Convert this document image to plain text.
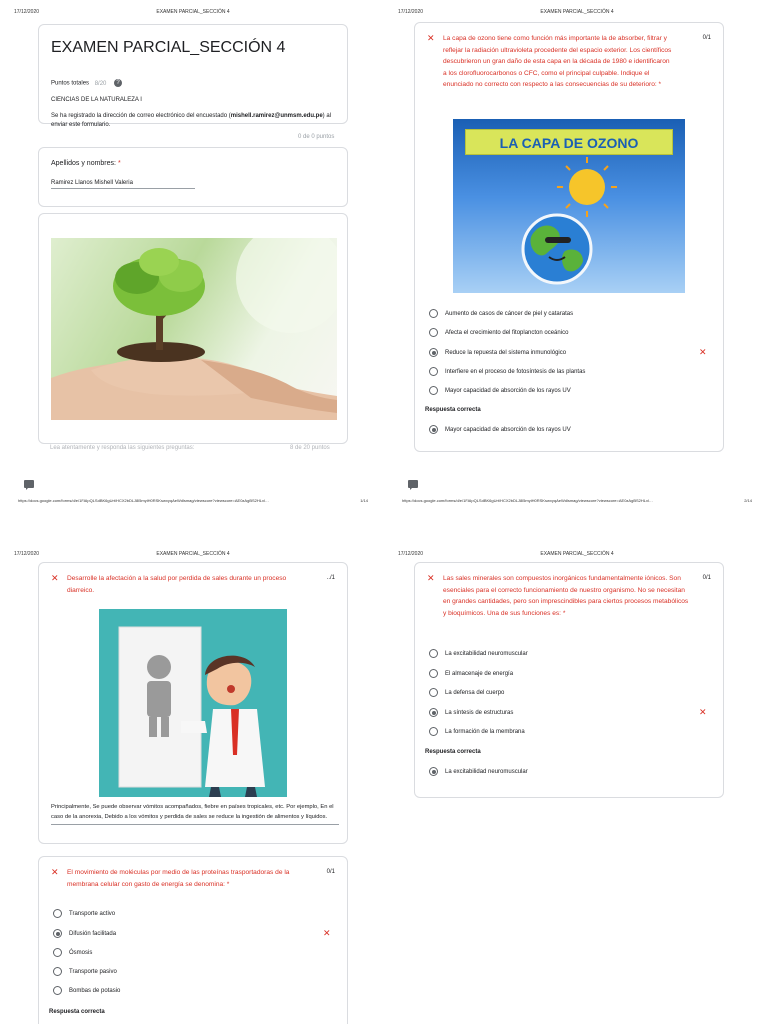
17/12/2020	EXAMEN PARCIAL_SECCIÓN 4
EXAMEN PARCIAL_SECCIÓN 4
Puntos totales 8/20 ?
CIENCIAS DE LA NATURALEZA I
Se ha registrado la dirección de correo electrónico del encuestado (mishell.ramirez@unmsm.edu.pe) al enviar este formulario.
0 de 0 puntos
Apellidos y nombres: *
Ramirez Llanos Mishell Valeria
Lea atentamente y responda las siguientes preguntas:	8 de 20 puntos
https://docs.google.com/forms/d/e/1FAIpQLSdBK6gUrt/HCX2bDLJ8l5myiH0RSKswxyqAeWdlsmag/viewscore?viewscore=AE0zAgBS2HLxl…	1/14
17/12/2020	EXAMEN PARCIAL_SECCIÓN 4
✕ La capa de ozono tiene como función más importante la de absorber, filtrar y reflejar la radiación ultravioleta procedente del espacio exterior. Los científicos descubrieron un gran daño de esta capa en la década de 1980 e identificaron a los clorofluorocarbonos o CFC, como el principal culpable. Indique el enunciado no correcto con respecto a las consecuencias de su deterioro: *
0/1
LA CAPA DE OZONO
Aumento de casos de cáncer de piel y cataratas
Afecta el crecimiento del fitoplancton oceánico
Reduce la repuesta del sistema inmunológico	✕
Interfiere en el proceso de fotosíntesis de las plantas
Mayor capacidad de absorción de los rayos UV
Respuesta correcta
Mayor capacidad de absorción de los rayos UV
https://docs.google.com/forms/d/e/1FAIpQLSdBK6gUrt/HCX2bDLJ8l5myiH0RSKswxyqAeWdlsmag/viewscore?viewscore=AE0zAgBS2HLxl…	2/14
17/12/2020	EXAMEN PARCIAL_SECCIÓN 4
✕ Desarrolle la afectación a la salud por perdida de sales durante un proceso diarreico.
../1
Principalmente, Se puede observar vómitos acompañados, fiebre en países tropicales, etc. Por ejemplo, En el caso de la anorexia, Debido a los vómitos y perdida de sales se reduce la ingestión de alimentos y líquidos.
✕ El movimiento de moléculas por medio de las proteínas trasportadoras de la membrana celular con gasto de energía se denomina: *
0/1
Transporte activo
Difusión facilitada	✕
Ósmosis
Transporte pasivo
Bombas de potasio
Respuesta correcta
17/12/2020	EXAMEN PARCIAL_SECCIÓN 4
✕ Las sales minerales son compuestos inorgánicos fundamentalmente iónicos. Son esenciales para el correcto funcionamiento de nuestro organismo. No se necesitan en grandes cantidades, pero son imprescindibles para ciertos procesos metabólicos y bioquímicos. Una de sus funciones es: *
0/1
La excitabilidad neuromuscular
El almacenaje de energía
La defensa del cuerpo
La síntesis de estructuras	✕
La formación de la membrana
Respuesta correcta
La excitabilidad neuromuscular
